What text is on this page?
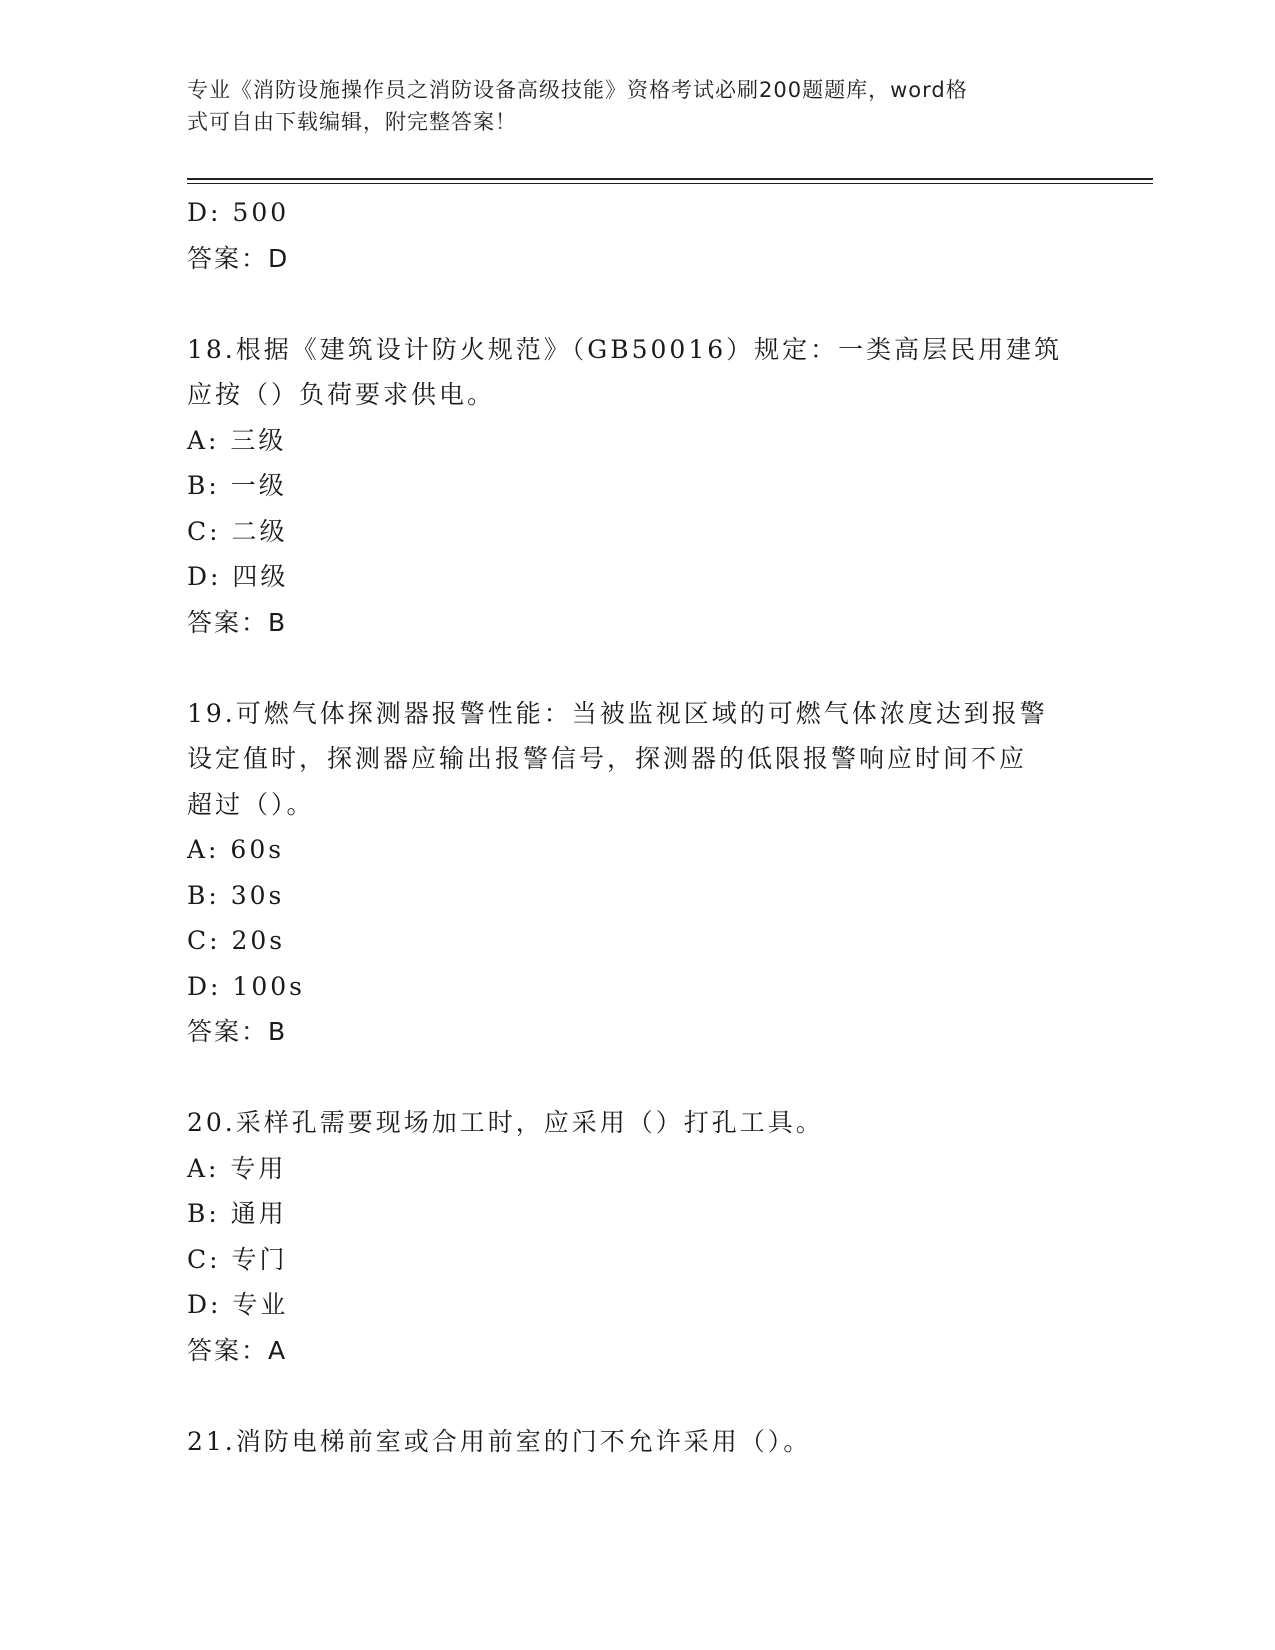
专业《消防设施操作员之消防设备高级技能》资格考试必刷200题题库，word格
式可自由下载编辑，附完整答案！
D: 500
答案：D
18.根据《建筑设计防火规范》（GB50016）规定：一类高层民用建筑
应按（）负荷要求供电。
A: 三级
B: 一级
C: 二级
D: 四级
答案：B
19.可燃气体探测器报警性能：当被监视区域的可燃气体浓度达到报警
设定值时，探测器应输出报警信号，探测器的低限报警响应时间不应
超过（）。
A: 60s
B: 30s
C: 20s
D: 100s
答案：B
20.采样孔需要现场加工时，应采用（）打孔工具。
A: 专用
B: 通用
C: 专门
D: 专业
答案：A
21.消防电梯前室或合用前室的门不允许采用（）。
